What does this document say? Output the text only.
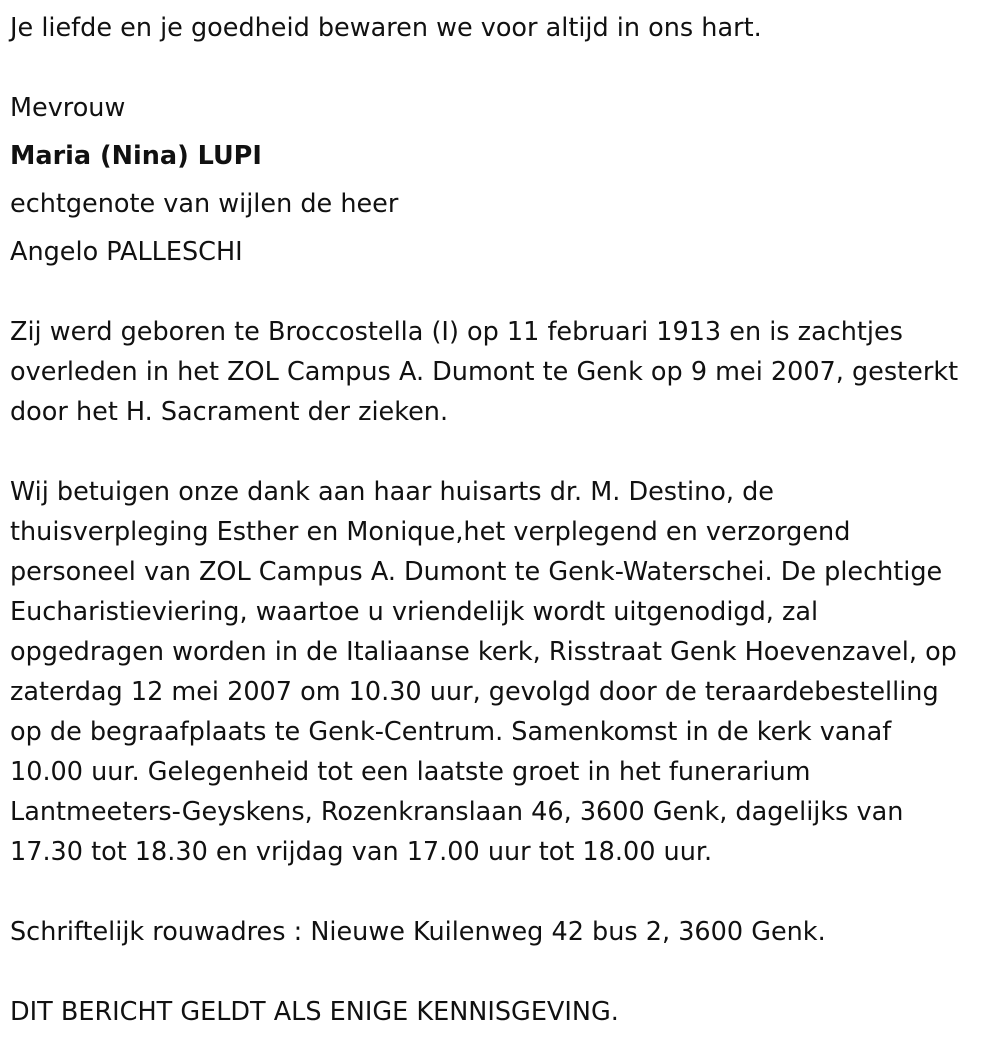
Je liefde en je goedheid bewaren we voor altijd in ons hart.
Mevrouw
Maria (Nina) LUPI
echtgenote van wijlen de heer
Angelo PALLESCHI
Zij werd geboren te Broccostella (I) op 11 februari 1913 en is zachtjes
overleden in het ZOL Campus A. Dumont te Genk op 9 mei 2007, gesterkt
door het H. Sacrament der zieken.
Wij betuigen onze dank aan haar huisarts dr. M. Destino, de
thuisverpleging Esther en Monique,het verplegend en verzorgend
personeel van ZOL Campus A. Dumont te Genk-Waterschei. De plechtige
Eucharistieviering, waartoe u vriendelijk wordt uitgenodigd, zal
opgedragen worden in de Italiaanse kerk, Risstraat Genk Hoevenzavel, op
zaterdag 12 mei 2007 om 10.30 uur, gevolgd door de teraardebestelling
op de begraafplaats te Genk-Centrum. Samenkomst in de kerk vanaf
10.00 uur. Gelegenheid tot een laatste groet in het funerarium
Lantmeeters-Geyskens, Rozenkranslaan 46, 3600 Genk, dagelijks van
17.30 tot 18.30 en vrijdag van 17.00 uur tot 18.00 uur.
Schriftelijk rouwadres : Nieuwe Kuilenweg 42 bus 2, 3600 Genk.
DIT BERICHT GELDT ALS ENIGE KENNISGEVING.
